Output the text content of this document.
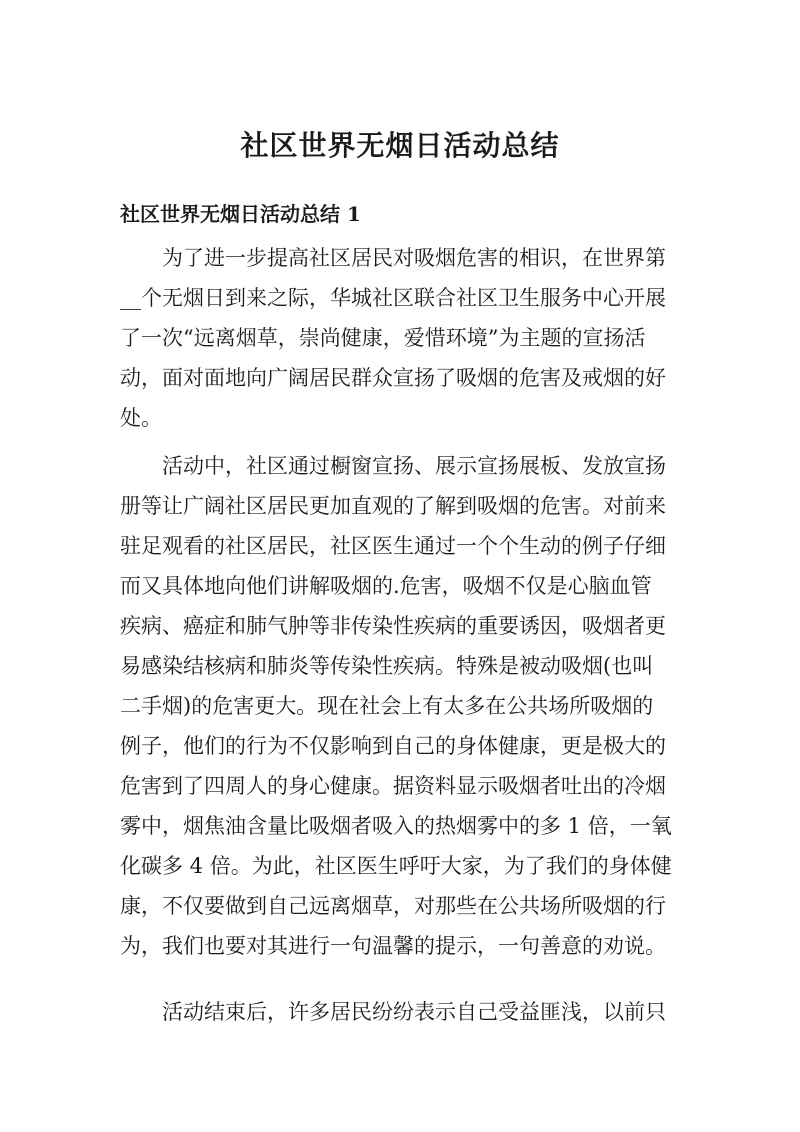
社区世界无烟日活动总结
社区世界无烟日活动总结 1
为了进一步提高社区居民对吸烟危害的相识，在世界第
__个无烟日到来之际，华城社区联合社区卫生服务中心开展
了一次“远离烟草，崇尚健康，爱惜环境”为主题的宣扬活
动，面对面地向广阔居民群众宣扬了吸烟的危害及戒烟的好
处。
活动中，社区通过橱窗宣扬、展示宣扬展板、发放宣扬
册等让广阔社区居民更加直观的了解到吸烟的危害。对前来
驻足观看的社区居民，社区医生通过一个个生动的例子仔细
而又具体地向他们讲解吸烟的.危害，吸烟不仅是心脑血管
疾病、癌症和肺气肿等非传染性疾病的重要诱因，吸烟者更
易感染结核病和肺炎等传染性疾病。特殊是被动吸烟(也叫
二手烟)的危害更大。现在社会上有太多在公共场所吸烟的
例子，他们的行为不仅影响到自己的身体健康，更是极大的
危害到了四周人的身心健康。据资料显示吸烟者吐出的冷烟
雾中，烟焦油含量比吸烟者吸入的热烟雾中的多 1 倍，一氧
化碳多 4 倍。为此，社区医生呼吁大家，为了我们的身体健
康，不仅要做到自己远离烟草，对那些在公共场所吸烟的行
为，我们也要对其进行一句温馨的提示，一句善意的劝说。
活动结束后，许多居民纷纷表示自己受益匪浅，以前只
